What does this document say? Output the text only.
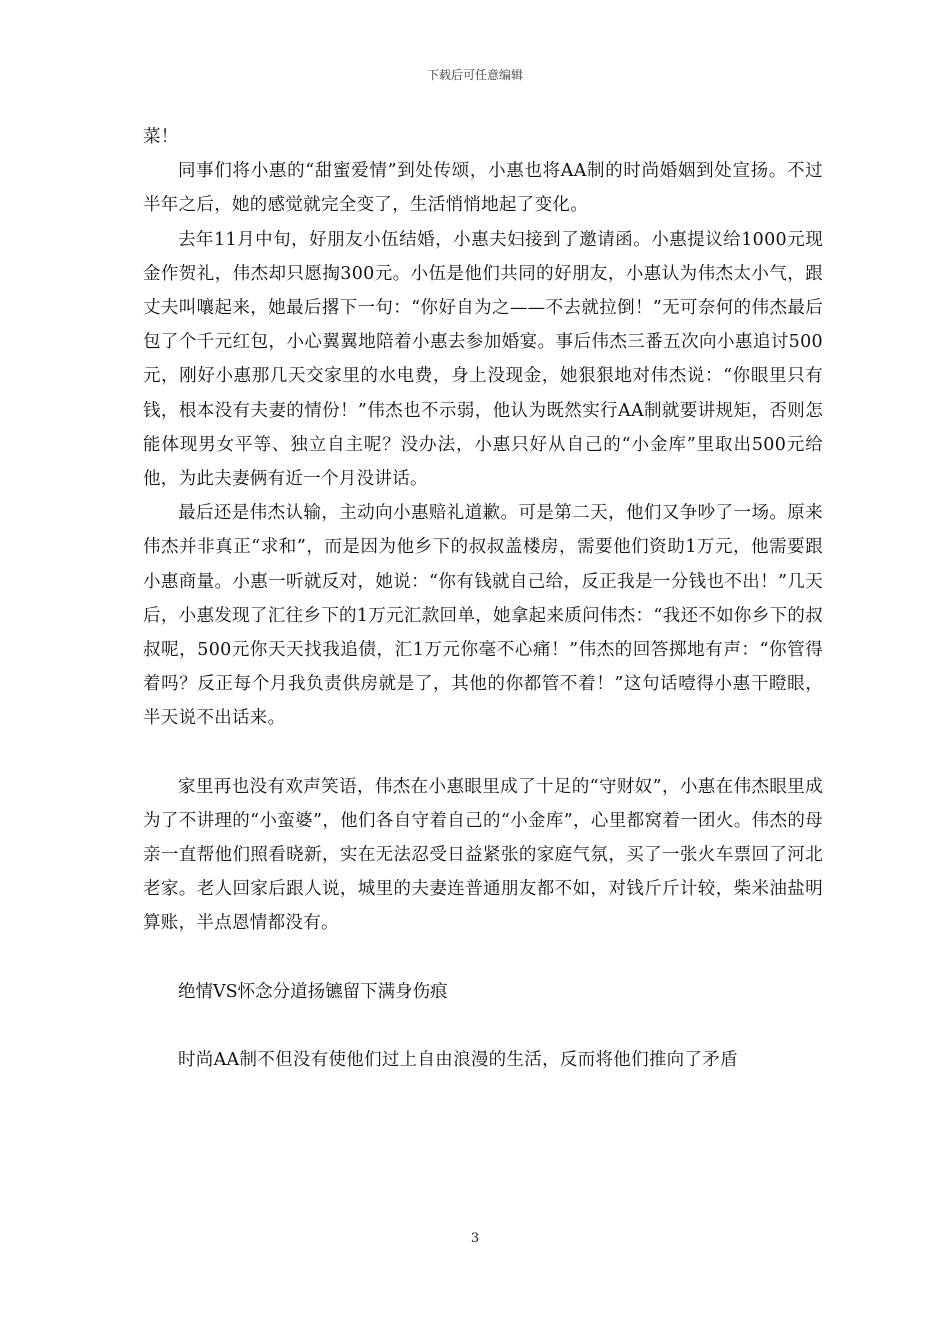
下载后可任意编辑

菜！

同事们将小惠的“甜蜜爱情”到处传颂，小惠也将AA制的时尚婚姻到处宣扬。不过半年之后，她的感觉就完全变了，生活悄悄地起了变化。

去年11月中旬，好朋友小伍结婚，小惠夫妇接到了邀请函。小惠提议给1000元现金作贺礼，伟杰却只愿掏300元。小伍是他们共同的好朋友，小惠认为伟杰太小气，跟丈夫叫嚷起来，她最后撂下一句：“你好自为之——不去就拉倒！”无可奈何的伟杰最后包了个千元红包，小心翼翼地陪着小惠去参加婚宴。事后伟杰三番五次向小惠追讨500元，刚好小惠那几天交家里的水电费，身上没现金，她狠狠地对伟杰说：“你眼里只有钱，根本没有夫妻的情份！”伟杰也不示弱，他认为既然实行AA制就要讲规矩，否则怎能体现男女平等、独立自主呢？没办法，小惠只好从自己的“小金库”里取出500元给他，为此夫妻俩有近一个月没讲话。

最后还是伟杰认输，主动向小惠赔礼道歉。可是第二天，他们又争吵了一场。原来伟杰并非真正“求和”，而是因为他乡下的叔叔盖楼房，需要他们资助1万元，他需要跟小惠商量。小惠一听就反对，她说：“你有钱就自己给，反正我是一分钱也不出！”几天后，小惠发现了汇往乡下的1万元汇款回单，她拿起来质问伟杰：“我还不如你乡下的叔叔呢，500元你天天找我追债，汇1万元你毫不心痛！”伟杰的回答掷地有声：“你管得着吗？反正每个月我负责供房就是了，其他的你都管不着！”这句话噎得小惠干瞪眼，半天说不出话来。

家里再也没有欢声笑语，伟杰在小惠眼里成了十足的“守财奴”，小惠在伟杰眼里成为了不讲理的“小蛮婆”，他们各自守着自己的“小金库”，心里都窝着一团火。伟杰的母亲一直帮他们照看晓新，实在无法忍受日益紧张的家庭气氛，买了一张火车票回了河北老家。老人回家后跟人说，城里的夫妻连普通朋友都不如，对钱斤斤计较，柴米油盐明算账，半点恩情都没有。

绝情VS怀念分道扬镳留下满身伤痕

时尚AA制不但没有使他们过上自由浪漫的生活，反而将他们推向了矛盾

3
